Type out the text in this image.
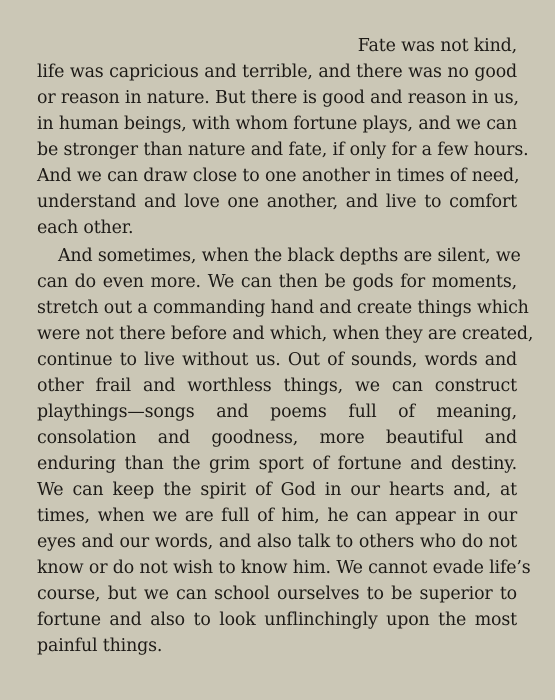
Fate was not kind,
life was capricious and terrible, and there was no good
or reason in nature. But there is good and reason in us,
in human beings, with whom fortune plays, and we can
be stronger than nature and fate, if only for a few hours.
And we can draw close to one another in times of need,
understand and love one another, and live to comfort
each other.
And sometimes, when the black depths are silent, we
can do even more. We can then be gods for moments,
stretch out a commanding hand and create things which
were not there before and which, when they are created,
continue to live without us. Out of sounds, words and
other frail and worthless things, we can construct
playthings—songs and poems full of meaning,
consolation and goodness, more beautiful and
enduring than the grim sport of fortune and destiny.
We can keep the spirit of God in our hearts and, at
times, when we are full of him, he can appear in our
eyes and our words, and also talk to others who do not
know or do not wish to know him. We cannot evade life’s
course, but we can school ourselves to be superior to
fortune and also to look unflinchingly upon the most
painful things.
